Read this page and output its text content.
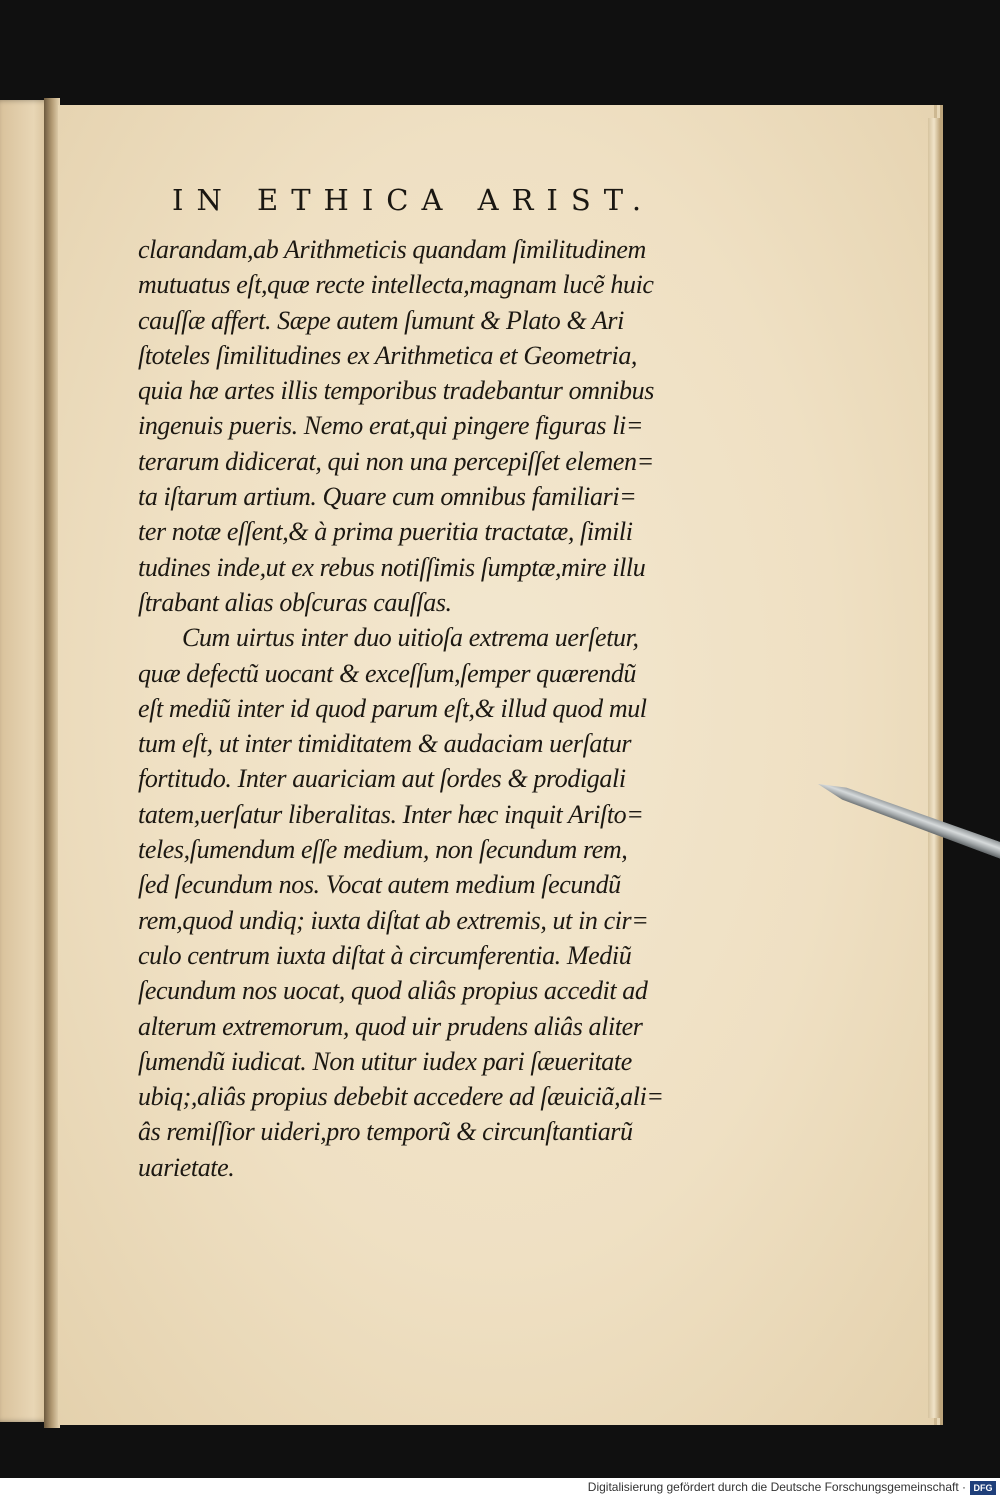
IN ETHICA ARIST.
clarandam,ab Arithmeticis quandam ſimilitudinem
mutuatus eſt,quæ recte intellecta,magnam lucẽ huic
cauſſæ affert. Sæpe autem ſumunt & Plato & Ari
ſtoteles ſimilitudines ex Arithmetica et Geometria,
quia hæ artes illis temporibus tradebantur omnibus
ingenuis pueris. Nemo erat,qui pingere figuras li=
terarum didicerat, qui non una percepiſſet elemen=
ta iſtarum artium. Quare cum omnibus familiari=
ter notæ eſſent,& à prima pueritia tractatæ, ſimili
tudines inde,ut ex rebus notiſſimis ſumptæ,mire illu
ſtrabant alias obſcuras cauſſas.
Cum uirtus inter duo uitioſa extrema uerſetur,
quæ defectũ uocant & exceſſum,ſemper quærendũ
eſt mediũ inter id quod parum eſt,& illud quod mul
tum eſt, ut inter timiditatem & audaciam uerſatur
fortitudo. Inter auariciam aut ſordes & prodigali
tatem,uerſatur liberalitas. Inter hæc inquit Ariſto=
teles,ſumendum eſſe medium, non ſecundum rem,
ſed ſecundum nos. Vocat autem medium ſecundũ
rem,quod undiq; iuxta diſtat ab extremis, ut in cir=
culo centrum iuxta diſtat à circumferentia. Mediũ
ſecundum nos uocat, quod aliâs propius accedit ad
alterum extremorum, quod uir prudens aliâs aliter
ſumendũ iudicat. Non utitur iudex pari ſæueritate
ubiq;,aliâs propius debebit accedere ad ſæuiciã,ali=
âs remiſſior uideri,pro temporũ & circunſtantiarũ
uarietate.
Digitalisierung gefördert durch die Deutsche Forschungsgemeinschaft · DFG
